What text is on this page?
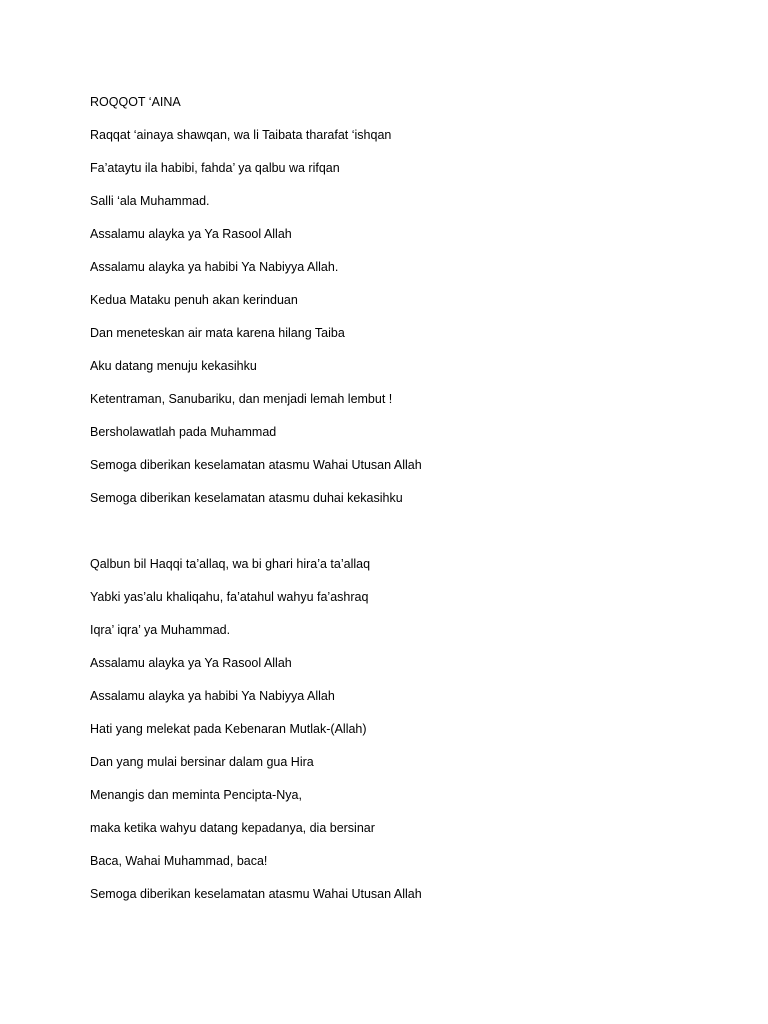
ROQQOT ‘AINA

Raqqat ‘ainaya shawqan, wa li Taibata tharafat ‘ishqan

Fa’ataytu ila habibi, fahda’ ya qalbu wa rifqan

Salli ‘ala Muhammad.

Assalamu alayka ya Ya Rasool Allah

Assalamu alayka ya habibi Ya Nabiyya Allah.

Kedua Mataku penuh akan kerinduan

Dan meneteskan air mata karena hilang Taiba

Aku datang menuju kekasihku

Ketentraman, Sanubariku, dan menjadi lemah lembut !

Bersholawatlah pada Muhammad

Semoga diberikan keselamatan atasmu Wahai Utusan Allah

Semoga diberikan keselamatan atasmu duhai kekasihku

Qalbun bil Haqqi ta’allaq, wa bi ghari hira’a ta’allaq

Yabki yas’alu khaliqahu, fa’atahul wahyu fa’ashraq

Iqra’ iqra’ ya Muhammad.

Assalamu alayka ya Ya Rasool Allah

Assalamu alayka ya habibi Ya Nabiyya Allah

Hati yang melekat pada Kebenaran Mutlak-(Allah)

Dan yang mulai bersinar dalam gua Hira

Menangis dan meminta Pencipta-Nya,

maka ketika wahyu datang kepadanya, dia bersinar

Baca, Wahai Muhammad, baca!

Semoga diberikan keselamatan atasmu Wahai Utusan Allah
